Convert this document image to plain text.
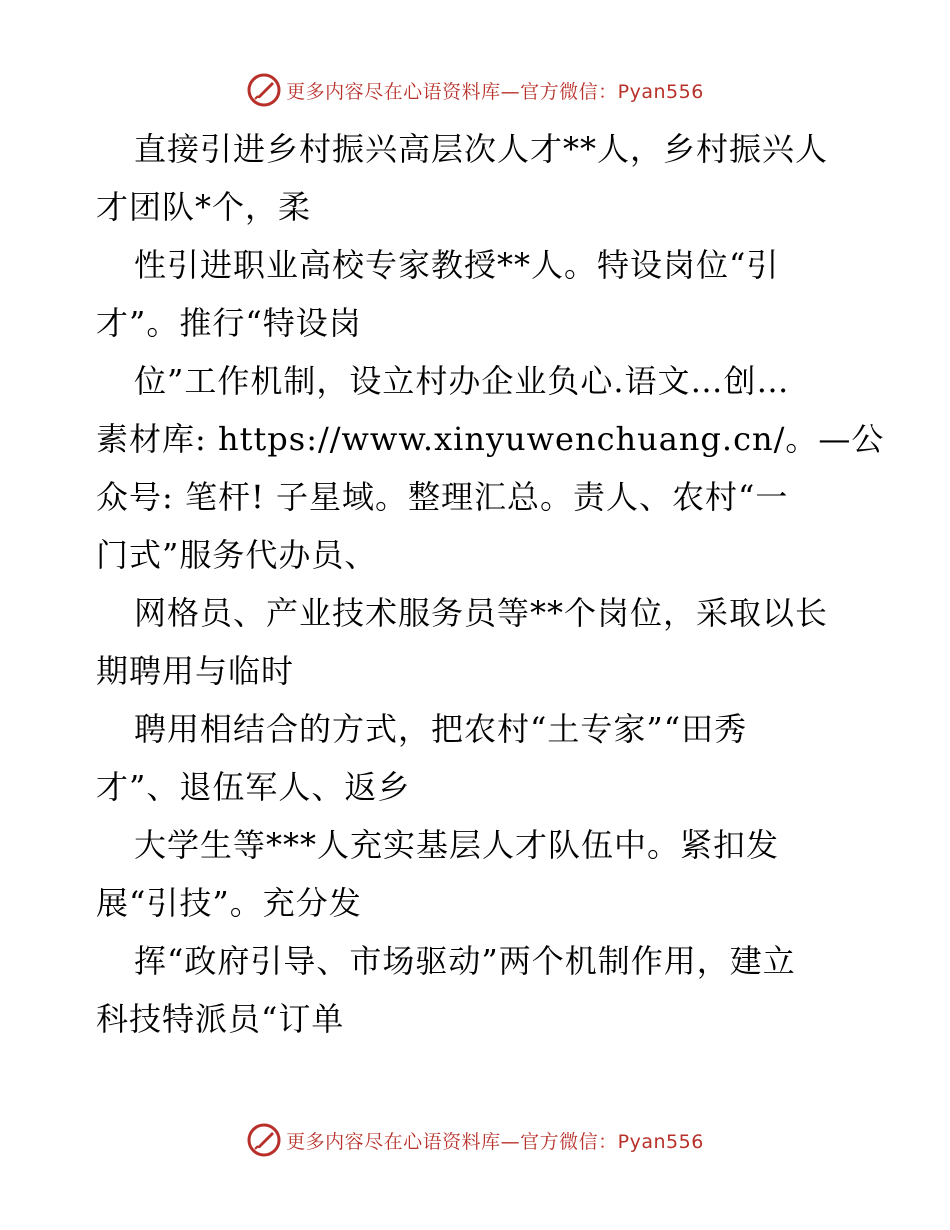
更多内容尽在心语资料库—官方微信：Pyan556
直接引进乡村振兴高层次人才**人，乡村振兴人
才团队*个，柔
性引进职业高校专家教授**人。特设岗位“引
才”。推行“特设岗
位”工作机制，设立村办企业负心.语文…创…
素材库: https://www.xinyuwenchuang.cn/。—公
众号: 笔杆! 子星域。整理汇总。责人、农村“一
门式”服务代办员、
网格员、产业技术服务员等**个岗位，采取以长
期聘用与临时
聘用相结合的方式，把农村“土专家”“田秀
才”、退伍军人、返乡
大学生等***人充实基层人才队伍中。紧扣发
展“引技”。充分发
挥“政府引导、市场驱动”两个机制作用，建立
科技特派员“订单
更多内容尽在心语资料库—官方微信：Pyan556
